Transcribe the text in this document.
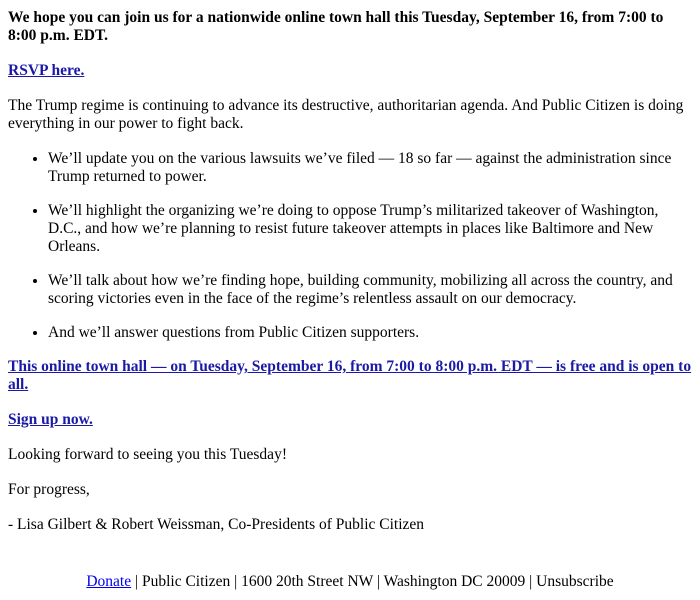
We hope you can join us for a nationwide online town hall this Tuesday, September 16, from 7:00 to 8:00 p.m. EDT.

RSVP here.

The Trump regime is continuing to advance its destructive, authoritarian agenda. And Public Citizen is doing everything in our power to fight back.

• We’ll update you on the various lawsuits we’ve filed — 18 so far — against the administration since Trump returned to power.
• We’ll highlight the organizing we’re doing to oppose Trump’s militarized takeover of Washington, D.C., and how we’re planning to resist future takeover attempts in places like Baltimore and New Orleans.
• We’ll talk about how we’re finding hope, building community, mobilizing all across the country, and scoring victories even in the face of the regime’s relentless assault on our democracy.
• And we’ll answer questions from Public Citizen supporters.

This online town hall — on Tuesday, September 16, from 7:00 to 8:00 p.m. EDT — is free and is open to all.

Sign up now.

Looking forward to seeing you this Tuesday!

For progress,

- Lisa Gilbert & Robert Weissman, Co-Presidents of Public Citizen

Donate | Public Citizen | 1600 20th Street NW | Washington DC 20009 | Unsubscribe
